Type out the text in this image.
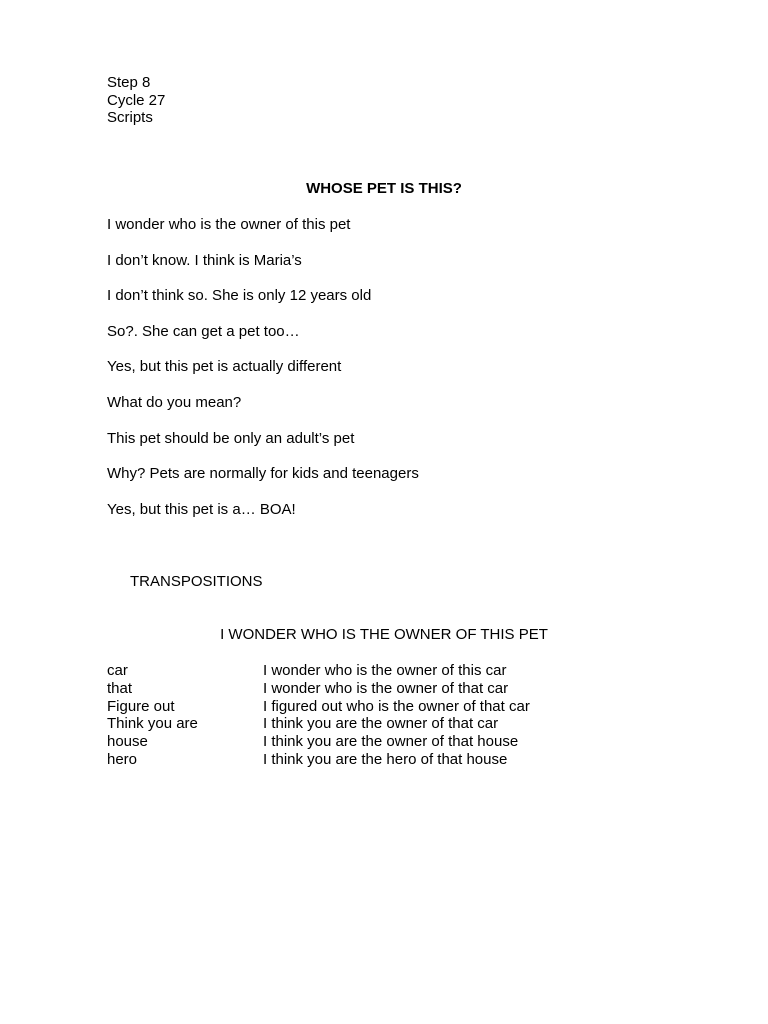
Step 8
Cycle 27
Scripts
WHOSE PET IS THIS?
I wonder who is the owner of this pet
I don’t know. I think is Maria’s
I don’t think so. She is only 12 years old
So?. She can get a pet too…
Yes, but this pet is actually different
What do you mean?
This pet should be only an adult’s pet
Why? Pets are normally for kids and teenagers
Yes, but this pet is a… BOA!
TRANSPOSITIONS
I WONDER WHO IS THE OWNER OF THIS PET
car	I wonder who is the owner of this car
that	I wonder who is the owner of that car
Figure out	I figured out who is the owner of that car
Think you are	I think you are the owner of that car
house	I think you are the owner of that house
hero	I think you are the hero of that house
